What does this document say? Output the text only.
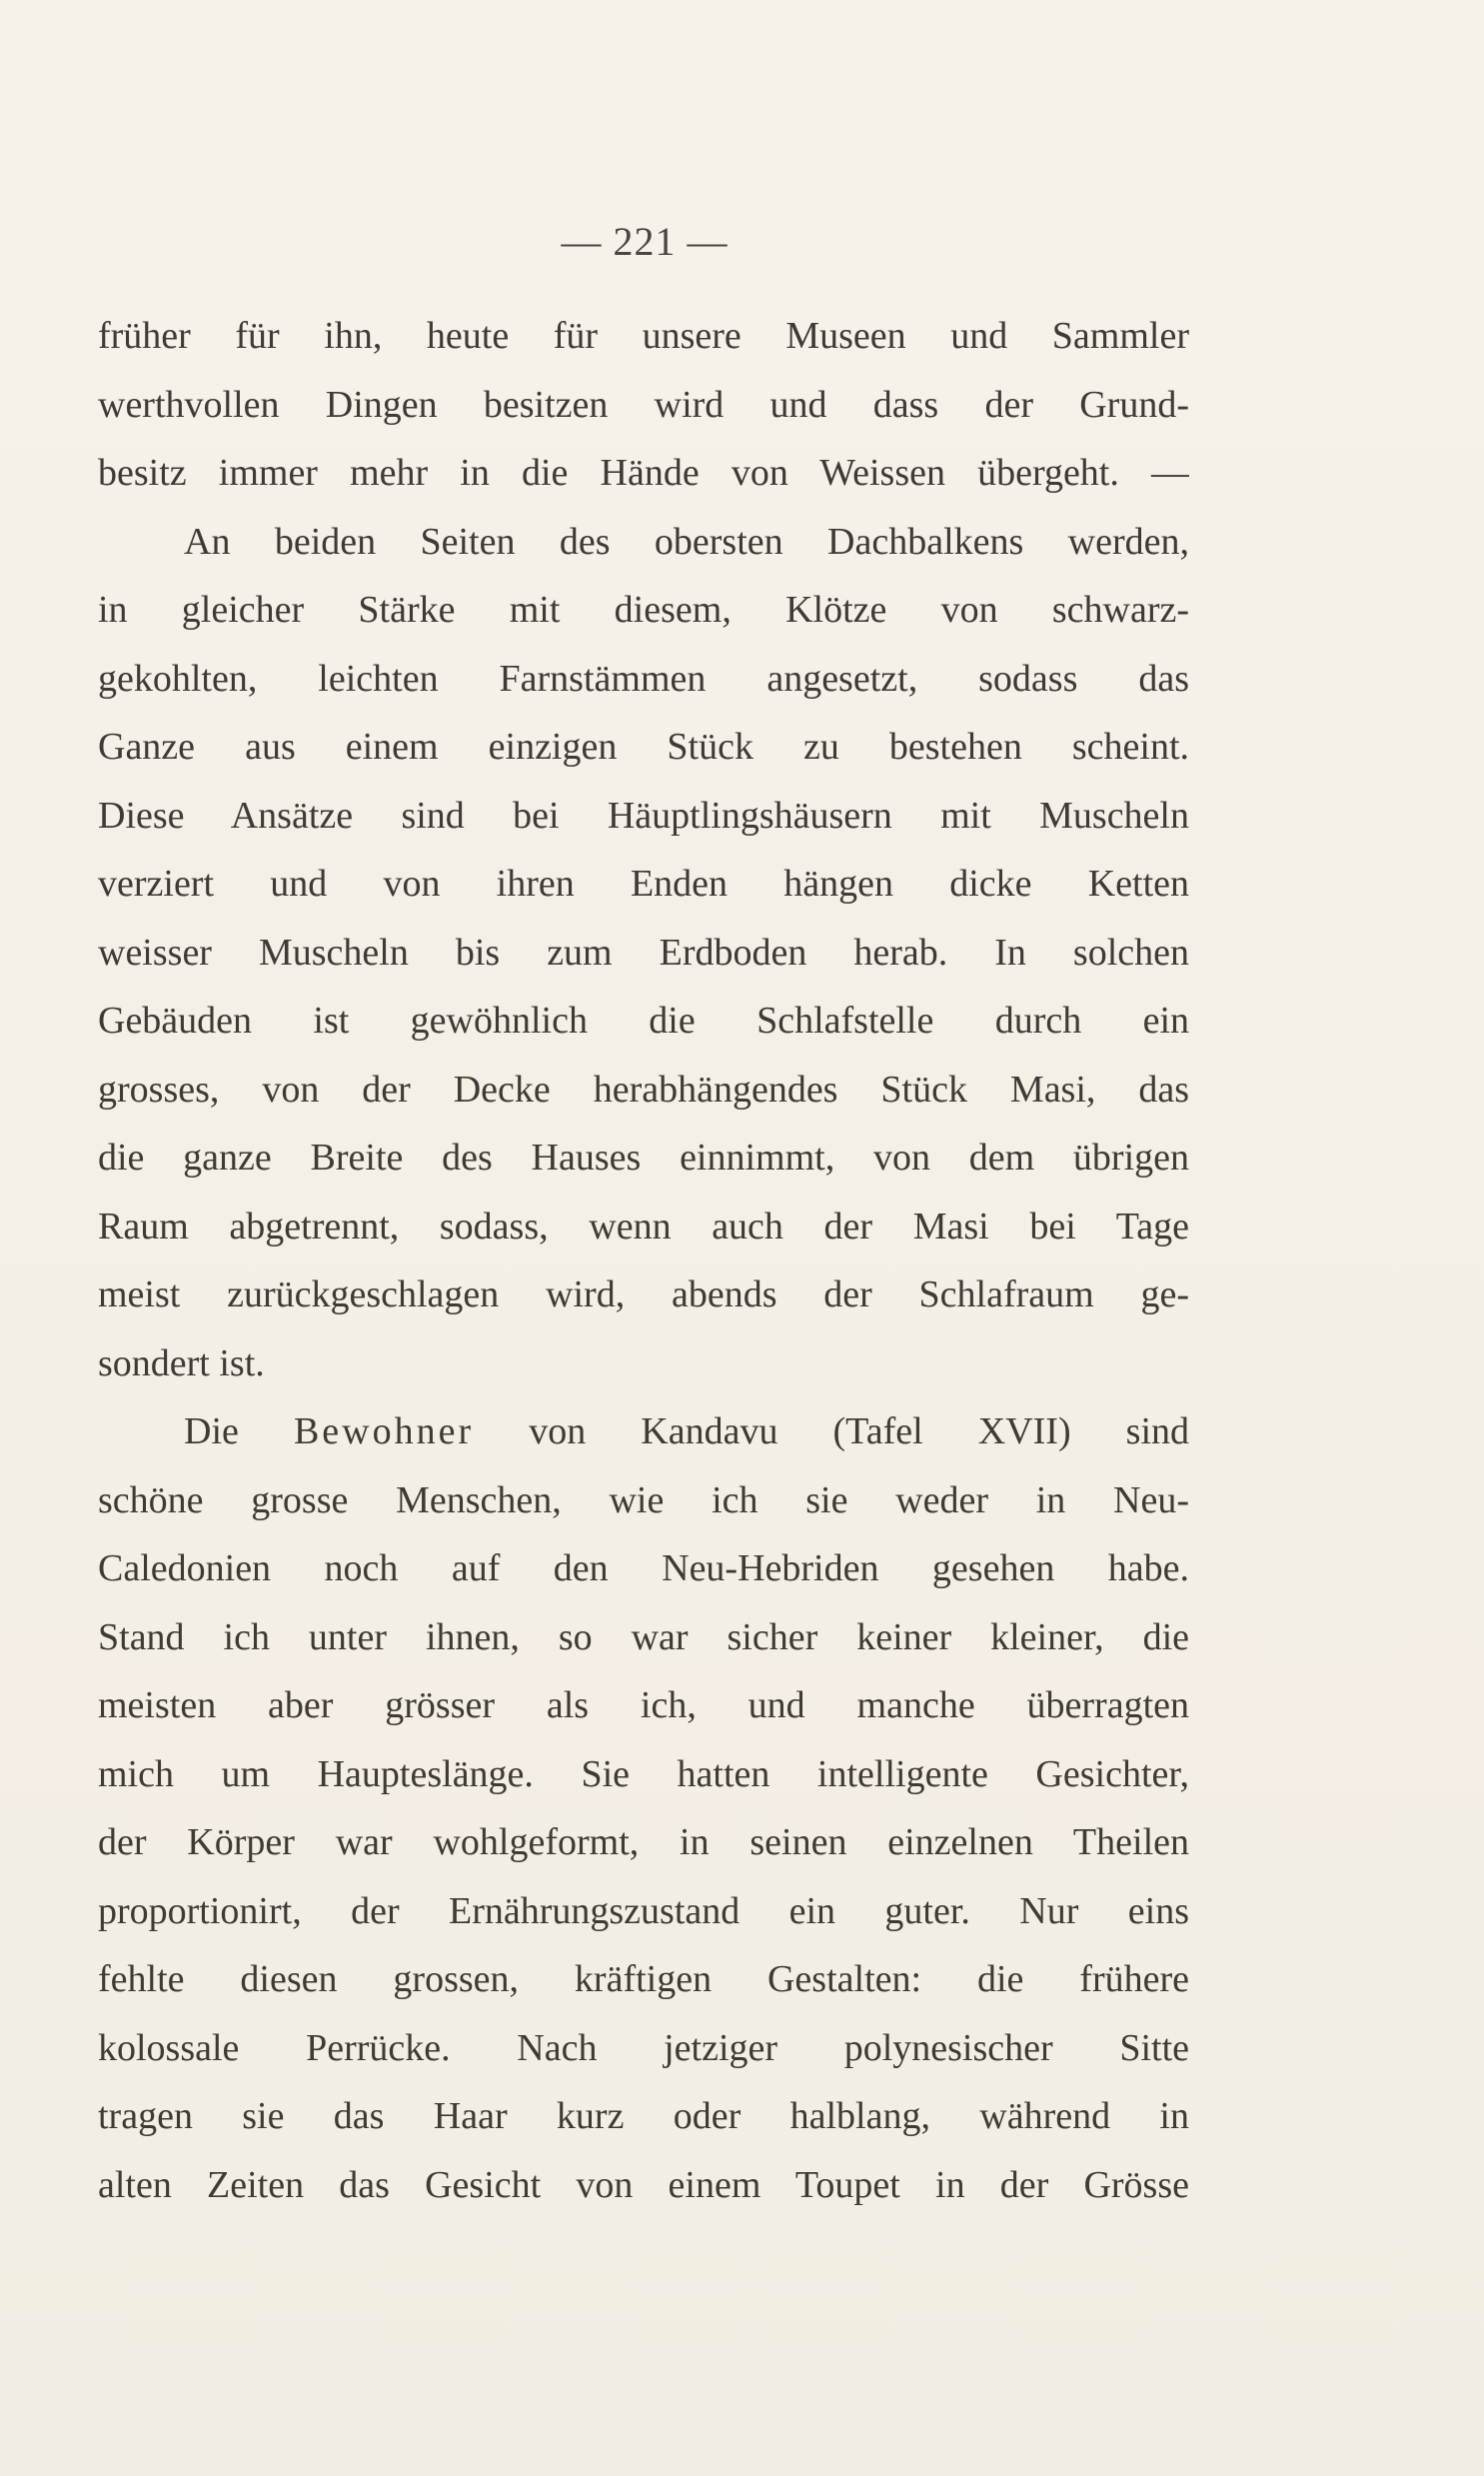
— 221 —
früher für ihn, heute für unsere Museen und Sammler
werthvollen Dingen besitzen wird und dass der Grund-
besitz immer mehr in die Hände von Weissen übergeht. —
An beiden Seiten des obersten Dachbalkens werden,
in gleicher Stärke mit diesem, Klötze von schwarz-
gekohlten, leichten Farnstämmen angesetzt, sodass das
Ganze aus einem einzigen Stück zu bestehen scheint.
Diese Ansätze sind bei Häuptlingshäusern mit Muscheln
verziert und von ihren Enden hängen dicke Ketten
weisser Muscheln bis zum Erdboden herab. In solchen
Gebäuden ist gewöhnlich die Schlafstelle durch ein
grosses, von der Decke herabhängendes Stück Masi, das
die ganze Breite des Hauses einnimmt, von dem übrigen
Raum abgetrennt, sodass, wenn auch der Masi bei Tage
meist zurückgeschlagen wird, abends der Schlafraum ge-
sondert ist.
Die Bewohner von Kandavu (Tafel XVII) sind
schöne grosse Menschen, wie ich sie weder in Neu-
Caledonien noch auf den Neu-Hebriden gesehen habe.
Stand ich unter ihnen, so war sicher keiner kleiner, die
meisten aber grösser als ich, und manche überragten
mich um Haupteslänge. Sie hatten intelligente Gesichter,
der Körper war wohlgeformt, in seinen einzelnen Theilen
proportionirt, der Ernährungszustand ein guter. Nur eins
fehlte diesen grossen, kräftigen Gestalten: die frühere
kolossale Perrücke. Nach jetziger polynesischer Sitte
tragen sie das Haar kurz oder halblang, während in
alten Zeiten das Gesicht von einem Toupet in der Grösse
